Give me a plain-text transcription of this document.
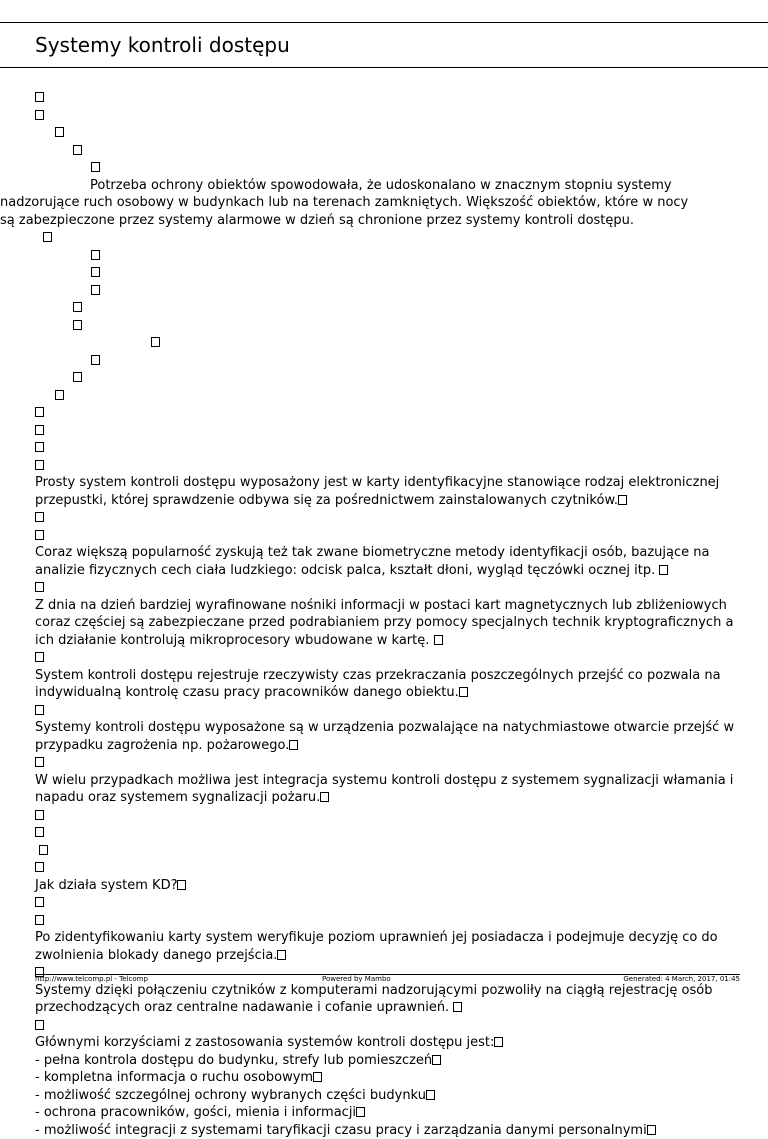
Systemy kontroli dostępu
Potrzeba ochrony obiektów spowodowała, że udoskonalano w znacznym stopniu systemy nadzorujące ruch osobowy w budynkach lub na terenach zamkniętych. Większość obiektów, które w nocy są zabezpieczone przez systemy alarmowe w dzień są chronione przez systemy kontroli dostępu.
Prosty system kontroli dostępu wyposażony jest w karty identyfikacyjne stanowiące rodzaj elektronicznej przepustki, której sprawdzenie odbywa się za pośrednictwem zainstalowanych czytników.
Coraz większą popularność zyskują też tak zwane biometryczne metody identyfikacji osób, bazujące na analizie fizycznych cech ciała ludzkiego: odcisk palca, kształt dłoni, wygląd tęczówki ocznej itp.
Z dnia na dzień bardziej wyrafinowane nośniki informacji w postaci kart magnetycznych lub zbliżeniowych coraz częściej są zabezpieczane przed podrabianiem przy pomocy specjalnych technik kryptograficznych a ich działanie kontrolują mikroprocesory wbudowane w kartę.
System kontroli dostępu rejestruje rzeczywisty czas przekraczania poszczególnych przejść co pozwala na indywidualną kontrolę czasu pracy pracowników danego obiektu.
Systemy kontroli dostępu wyposażone są w urządzenia pozwalające na natychmiastowe otwarcie przejść w przypadku zagrożenia np. pożarowego.
W wielu przypadkach możliwa jest integracja systemu kontroli dostępu z systemem sygnalizacji włamania i napadu oraz systemem sygnalizacji pożaru.
Jak działa system KD?
Po zidentyfikowaniu karty system weryfikuje poziom uprawnień jej posiadacza i podejmuje decyzję co do zwolnienia blokady danego przejścia.
Systemy dzięki połączeniu czytników z komputerami nadzorującymi pozwoliły na ciągłą rejestrację osób przechodzących oraz centralne nadawanie i cofanie uprawnień.
Głównymi korzyściami z zastosowania systemów kontroli dostępu jest:
- pełna kontrola dostępu do budynku, strefy lub pomieszczeń
- kompletna informacja o ruchu osobowym
- możliwość szczególnej ochrony wybranych części budynku
- ochrona pracowników, gości, mienia i informacji
- możliwość integracji z systemami taryfikacji czasu pracy i zarządzania danymi personalnymi
http://www.telcomp.pl - Telcomp	Powered by Mambo	Generated: 4 March, 2017, 01:45
